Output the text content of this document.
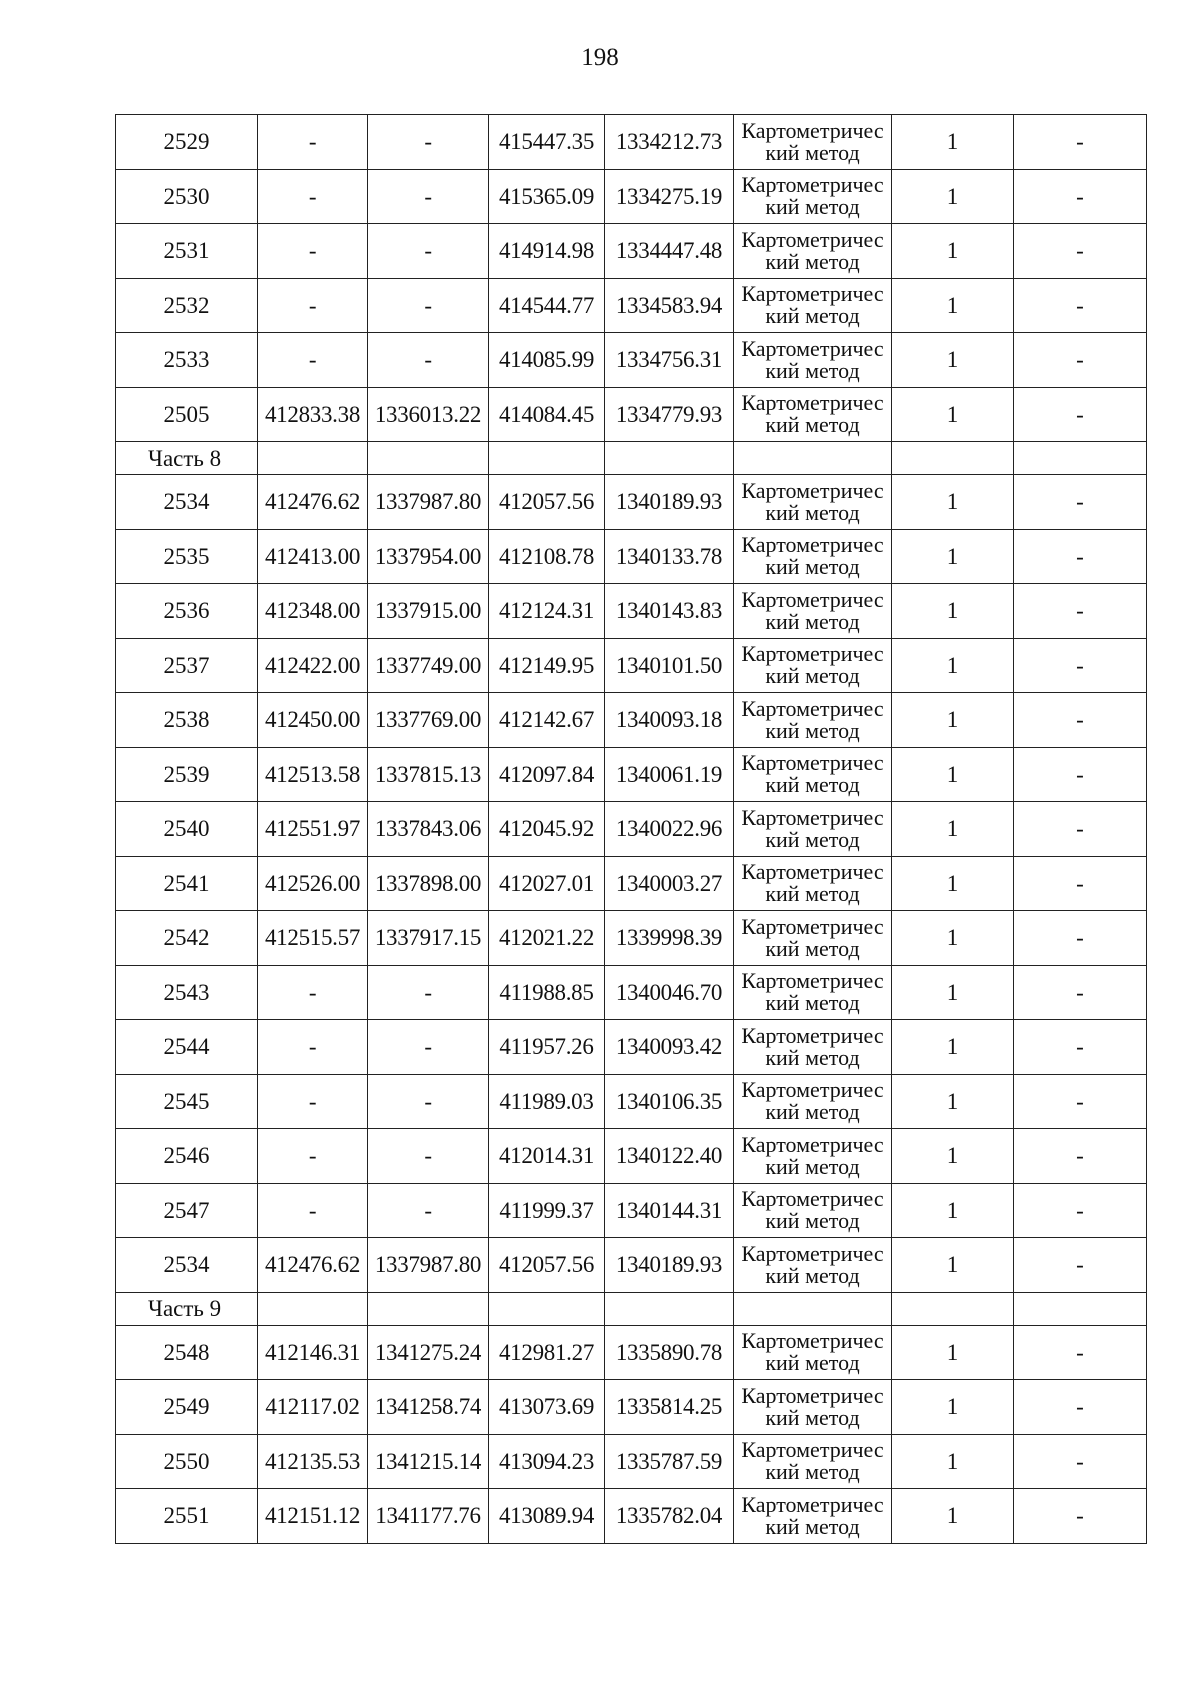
198
2529	-	-	415447.35	1334212.73	Картометричес
кий метод	1	-
2530	-	-	415365.09	1334275.19	Картометричес
кий метод	1	-
2531	-	-	414914.98	1334447.48	Картометричес
кий метод	1	-
2532	-	-	414544.77	1334583.94	Картометричес
кий метод	1	-
2533	-	-	414085.99	1334756.31	Картометричес
кий метод	1	-
2505	412833.38	1336013.22	414084.45	1334779.93	Картометричес
кий метод	1	-
Часть 8							
2534	412476.62	1337987.80	412057.56	1340189.93	Картометричес
кий метод	1	-
2535	412413.00	1337954.00	412108.78	1340133.78	Картометричес
кий метод	1	-
2536	412348.00	1337915.00	412124.31	1340143.83	Картометричес
кий метод	1	-
2537	412422.00	1337749.00	412149.95	1340101.50	Картометричес
кий метод	1	-
2538	412450.00	1337769.00	412142.67	1340093.18	Картометричес
кий метод	1	-
2539	412513.58	1337815.13	412097.84	1340061.19	Картометричес
кий метод	1	-
2540	412551.97	1337843.06	412045.92	1340022.96	Картометричес
кий метод	1	-
2541	412526.00	1337898.00	412027.01	1340003.27	Картометричес
кий метод	1	-
2542	412515.57	1337917.15	412021.22	1339998.39	Картометричес
кий метод	1	-
2543	-	-	411988.85	1340046.70	Картометричес
кий метод	1	-
2544	-	-	411957.26	1340093.42	Картометричес
кий метод	1	-
2545	-	-	411989.03	1340106.35	Картометричес
кий метод	1	-
2546	-	-	412014.31	1340122.40	Картометричес
кий метод	1	-
2547	-	-	411999.37	1340144.31	Картометричес
кий метод	1	-
2534	412476.62	1337987.80	412057.56	1340189.93	Картометричес
кий метод	1	-
Часть 9							
2548	412146.31	1341275.24	412981.27	1335890.78	Картометричес
кий метод	1	-
2549	412117.02	1341258.74	413073.69	1335814.25	Картометричес
кий метод	1	-
2550	412135.53	1341215.14	413094.23	1335787.59	Картометричес
кий метод	1	-
2551	412151.12	1341177.76	413089.94	1335782.04	Картометричес
кий метод	1	-
